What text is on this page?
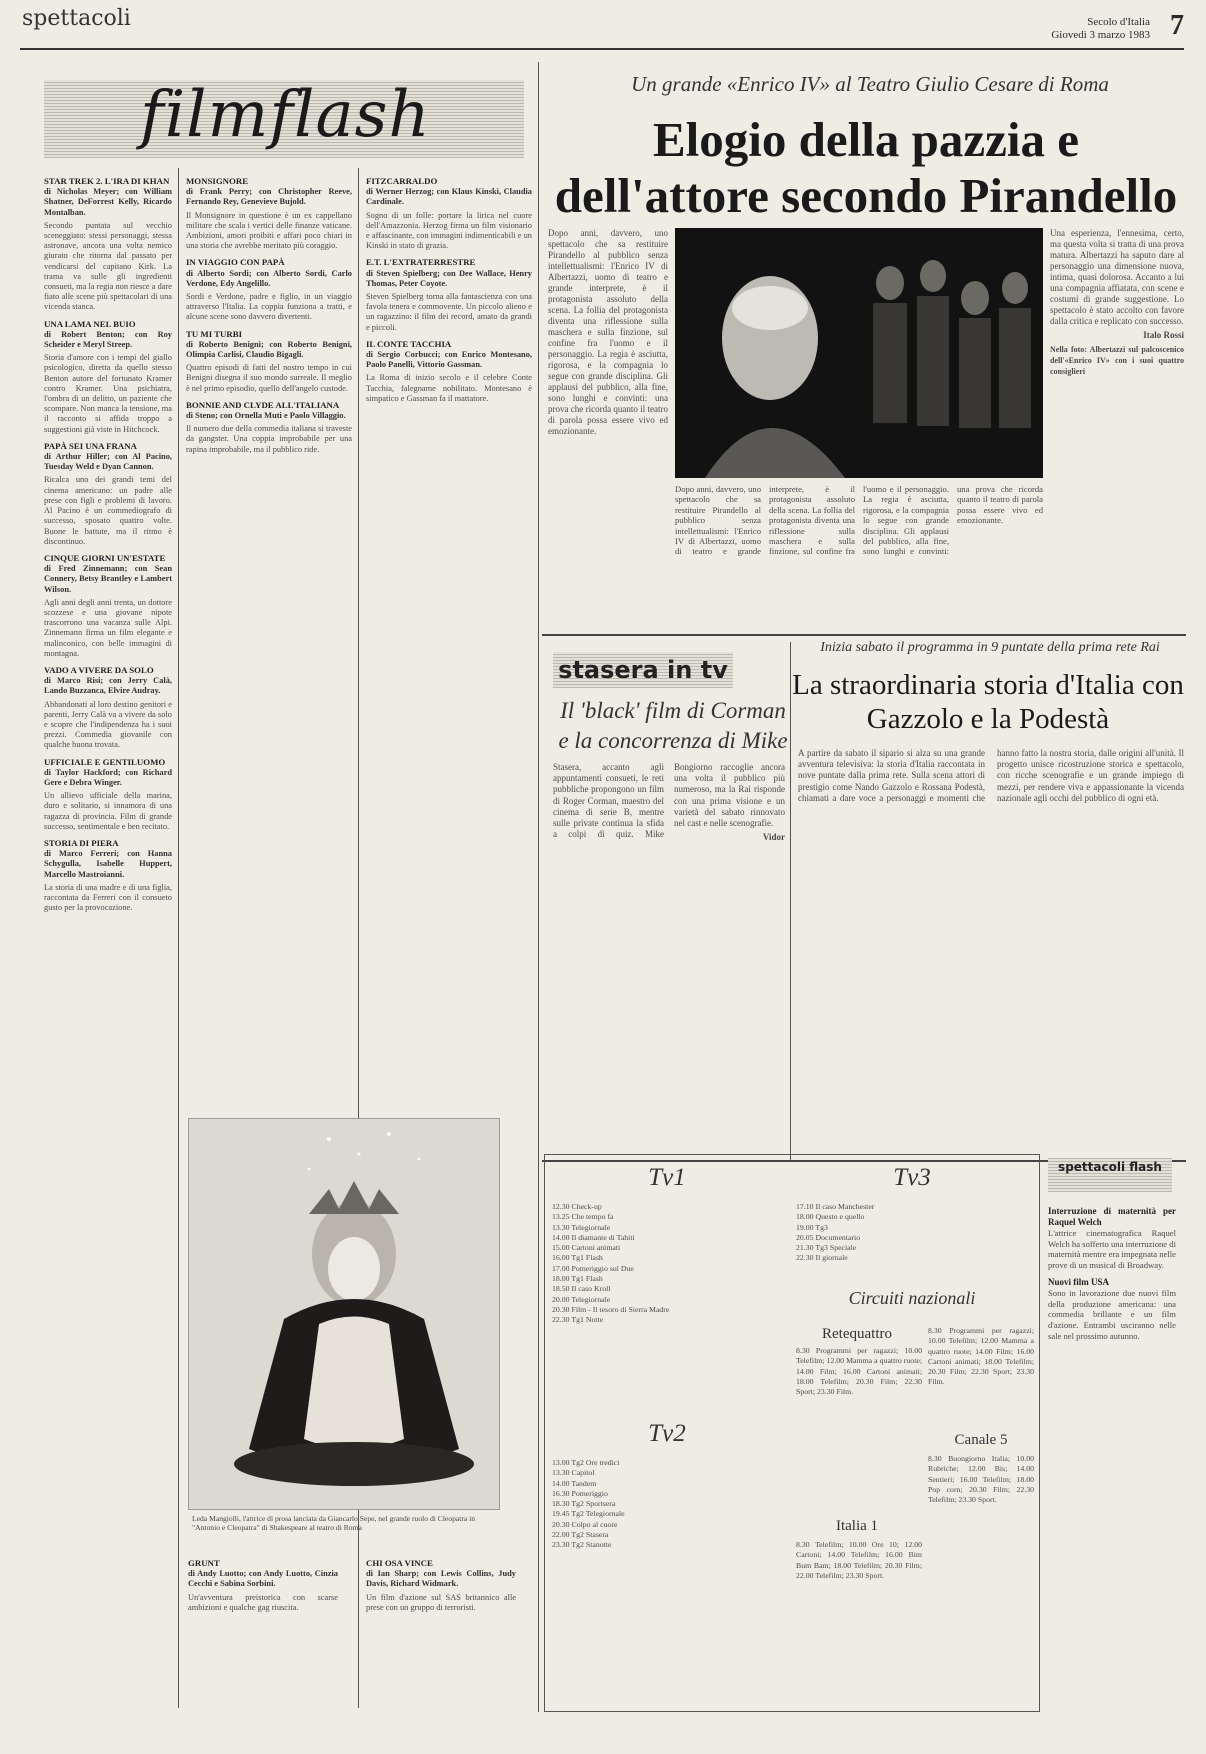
spettacoli	Secolo d'Italia
Giovedì 3 marzo 1983 7
filmflash
STAR TREK 2. L'IRA DI KHAN
di Nicholas Meyer; con William Shatner, DeForrest Kelly, Ricardo Montalban.

Secondo puntata sul vecchio sceneggiato: stessi personaggi, stessa astronave, ancora una volta nemico giurato che ritorna dal passato per vendicarsi del capitano Kirk. La trama va sulle gli ingredienti consueti, ma la regia non riesce a dare fiato alle scene più spettacolari di una vicenda stanca.

UNA LAMA NEL BUIO
di Robert Benton; con Roy Scheider e Meryl Streep.

Storia d'amore con i tempi del giallo psicologico, diretta da quello stesso Benton autore del fortunato Kramer contro Kramer. Una psichiatra, l'ombra di un delitto, un paziente che scompare. Non manca la tensione, ma il racconto si affida troppo a suggestioni già viste in Hitchcock.

PAPÀ SEI UNA FRANA
di Arthur Hiller; con Al Pacino, Tuesday Weld e Dyan Cannon.

Ricalca uno dei grandi temi del cinema americano: un padre alle prese con figli e problemi di lavoro. Al Pacino è un commediografo di successo, sposato quattro volte. Buone le battute, ma il ritmo è discontinuo.

CINQUE GIORNI UN'ESTATE
di Fred Zinnemann; con Sean Connery, Betsy Brantley e Lambert Wilson.

Agli anni degli anni trenta, un dottore scozzese e una giovane nipote trascorrono una vacanza sulle Alpi. Zinnemann firma un film elegante e malinconico, con belle immagini di montagna.

VADO A VIVERE DA SOLO
di Marco Risi; con Jerry Calà, Lando Buzzanca, Elvire Audray.

Abbandonati al loro destino genitori e parenti, Jerry Calà va a vivere da solo e scopre che l'indipendenza ha i suoi prezzi. Commedia giovanile con qualche buona trovata.

UFFICIALE E GENTILUOMO
di Taylor Hackford; con Richard Gere e Debra Winger.

Un allievo ufficiale della marina, duro e solitario, si innamora di una ragazza di provincia. Film di grande successo, sentimentale e ben recitato.

STORIA DI PIERA
di Marco Ferreri; con Hanna Schygulla, Isabelle Huppert, Marcello Mastroianni.

La storia di una madre e di una figlia, raccontata da Ferreri con il consueto gusto per la provocazione.

MONSIGNORE
di Frank Perry; con Christopher Reeve, Fernando Rey, Genevieve Bujold.

Il Monsignore in questione è un ex cappellano militare che scala i vertici delle finanze vaticane. Ambizioni, amori proibiti e affari poco chiari in una storia che avrebbe meritato più coraggio.

IN VIAGGIO CON PAPÀ
di Alberto Sordi; con Alberto Sordi, Carlo Verdone, Edy Angelillo.

Sordi e Verdone, padre e figlio, in un viaggio attraverso l'Italia. La coppia funziona a tratti, e alcune scene sono davvero divertenti.

TU MI TURBI
di Roberto Benigni; con Roberto Benigni, Olimpia Carlisi, Claudio Bigagli.

Quattro episodi di fatti del nostro tempo in cui Benigni disegna il suo mondo surreale. Il meglio è nel primo episodio, quello dell'angelo custode.

BONNIE AND CLYDE ALL'ITALIANA
di Steno; con Ornella Muti e Paolo Villaggio.

Il numero due della commedia italiana si traveste da gangster. Una coppia improbabile per una rapina improbabile, ma il pubblico ride.

FITZCARRALDO
di Werner Herzog; con Klaus Kinski, Claudia Cardinale.

Sogno di un folle: portare la lirica nel cuore dell'Amazzonia. Herzog firma un film visionario e affascinante, con immagini indimenticabili e un Kinski in stato di grazia.

E.T. L'EXTRATERRESTRE
di Steven Spielberg; con Dee Wallace, Henry Thomas, Peter Coyote.

Steven Spielberg torna alla fantascienza con una favola tenera e commovente. Un piccolo alieno e un ragazzino: il film dei record, amato da grandi e piccoli.

IL CONTE TACCHIA
di Sergio Corbucci; con Enrico Montesano, Paolo Panelli, Vittorio Gassman.

La Roma di inizio secolo e il celebre Conte Tacchia, falegname nobilitato. Montesano è simpatico e Gassman fa il mattatore.

Leda Mangiolli, l'attrice di prosa lanciata da Giancarlo Sepe, nel grande ruolo di Cleopatra in "Antonio e Cleopatra" di Shakespeare al teatro di Roma
GRUNT
di Andy Luotto; con Andy Luotto, Cinzia Cecchi e Sabina Sorbini.

Un'avventura preistorica con scarse ambizioni e qualche gag riuscita.

CHI OSA VINCE
di Ian Sharp; con Lewis Collins, Judy Davis, Richard Widmark.

Un film d'azione sul SAS britannico alle prese con un gruppo di terroristi.

Un grande «Enrico IV» al Teatro Giulio Cesare di Roma
Elogio della pazzia e dell'attore secondo Pirandello
Dopo anni, davvero, uno spettacolo che sa restituire Pirandello al pubblico senza intellettualismi: l'Enrico IV di Albertazzi, uomo di teatro e grande interprete, è il protagonista assoluto della scena. La follia del protagonista diventa una riflessione sulla maschera e sulla finzione, sul confine fra l'uomo e il personaggio. La regia è asciutta, rigorosa, e la compagnia lo segue con grande disciplina. Gli applausi del pubblico, alla fine, sono lunghi e convinti: una prova che ricorda quanto il teatro di parola possa essere vivo ed emozionante.

Una esperienza, l'ennesima, certo, ma questa volta si tratta di una prova matura. Albertazzi ha saputo dare al personaggio una dimensione nuova, intima, quasi dolorosa. Accanto a lui una compagnia affiatata, con scene e costumi di grande suggestione. Lo spettacolo è stato accolto con favore dalla critica e replicato con successo.

Italo Rossi

Nella foto: Albertazzi sul palcoscenico dell'«Enrico IV» con i suoi quattro consiglieri

Dopo anni, davvero, uno spettacolo che sa restituire Pirandello al pubblico senza intellettualismi: l'Enrico IV di Albertazzi, uomo di teatro e grande interprete, è il protagonista assoluto della scena. La follia del protagonista diventa una riflessione sulla maschera e sulla finzione, sul confine fra l'uomo e il personaggio. La regia è asciutta, rigorosa, e la compagnia lo segue con grande disciplina. Gli applausi del pubblico, alla fine, sono lunghi e convinti: una prova che ricorda quanto il teatro di parola possa essere vivo ed emozionante.
stasera in tv
Il 'black' film di Corman e la concorrenza di Mike

Stasera, accanto agli appuntamenti consueti, le reti pubbliche propongono un film di Roger Corman, maestro del cinema di serie B, mentre sulle private continua la sfida a colpi di quiz. Mike Bongiorno raccoglie ancora una volta il pubblico più numeroso, ma la Rai risponde con una prima visione e un varietà del sabato rinnovato nel cast e nelle scenografie.

Vidor

Inizia sabato il programma in 9 puntate della prima rete Rai
La straordinaria storia d'Italia con Gazzolo e la Podestà
A partire da sabato il sipario si alza su una grande avventura televisiva: la storia d'Italia raccontata in nove puntate dalla prima rete. Sulla scena attori di prestigio come Nando Gazzolo e Rossana Podestà, chiamati a dare voce a personaggi e momenti che hanno fatto la nostra storia, dalle origini all'unità. Il progetto unisce ricostruzione storica e spettacolo, con ricche scenografie e un grande impiego di mezzi, per rendere viva e appassionante la vicenda nazionale agli occhi del pubblico di ogni età.
Tv1
12.30 Check-up
13.25 Che tempo fa
13.30 Telegiornale
14.00 Il diamante di Tahiti
15.00 Cartoni animati
16.00 Tg1 Flash
17.00 Pomeriggio sul Due
18.00 Tg1 Flash
18.50 Il caso Kroll
20.00 Telegiornale
20.30 Film - Il tesoro di Sierra Madre
22.30 Tg1 Notte
Tv2
13.00 Tg2 Ore tredici
13.30 Capitol
14.00 Tandem
16.30 Pomeriggio
18.30 Tg2 Sportsera
19.45 Tg2 Telegiornale
20.30 Colpo al cuore
22.00 Tg2 Stasera
23.30 Tg2 Stanotte
Tv3
17.10 Il caso Manchester
18.00 Questo e quello
19.00 Tg3
20.05 Documentario
21.30 Tg3 Speciale
22.30 Il giornale
Circuiti nazionali
Retequattro
8.30 Programmi per ragazzi; 10.00 Telefilm; 12.00 Mamma a quattro ruote; 14.00 Film; 16.00 Cartoni animati; 18.00 Telefilm; 20.30 Film; 22.30 Sport; 23.30 Film.
Italia 1
8.30 Telefilm; 10.00 Ore 10; 12.00 Cartoni; 14.00 Telefilm; 16.00 Bim Bum Bam; 18.00 Telefilm; 20.30 Film; 22.00 Telefilm; 23.30 Sport.
8.30 Programmi per ragazzi; 10.00 Telefilm; 12.00 Mamma a quattro ruote; 14.00 Film; 16.00 Cartoni animati; 18.00 Telefilm; 20.30 Film; 22.30 Sport; 23.30 Film.
Canale 5
8.30 Buongiorno Italia; 10.00 Rubriche; 12.00 Bis; 14.00 Sentieri; 16.00 Telefilm; 18.00 Pop corn; 20.30 Film; 22.30 Telefilm; 23.30 Sport.
spettacoli flash
Interruzione di maternità per Raquel Welch

L'attrice cinematografica Raquel Welch ha sofferto una interruzione di maternità mentre era impegnata nelle prove di un musical di Broadway.

Nuovi film USA

Sono in lavorazione due nuovi film della produzione americana: una commedia brillante e un film d'azione. Entrambi usciranno nelle sale nel prossimo autunno.
